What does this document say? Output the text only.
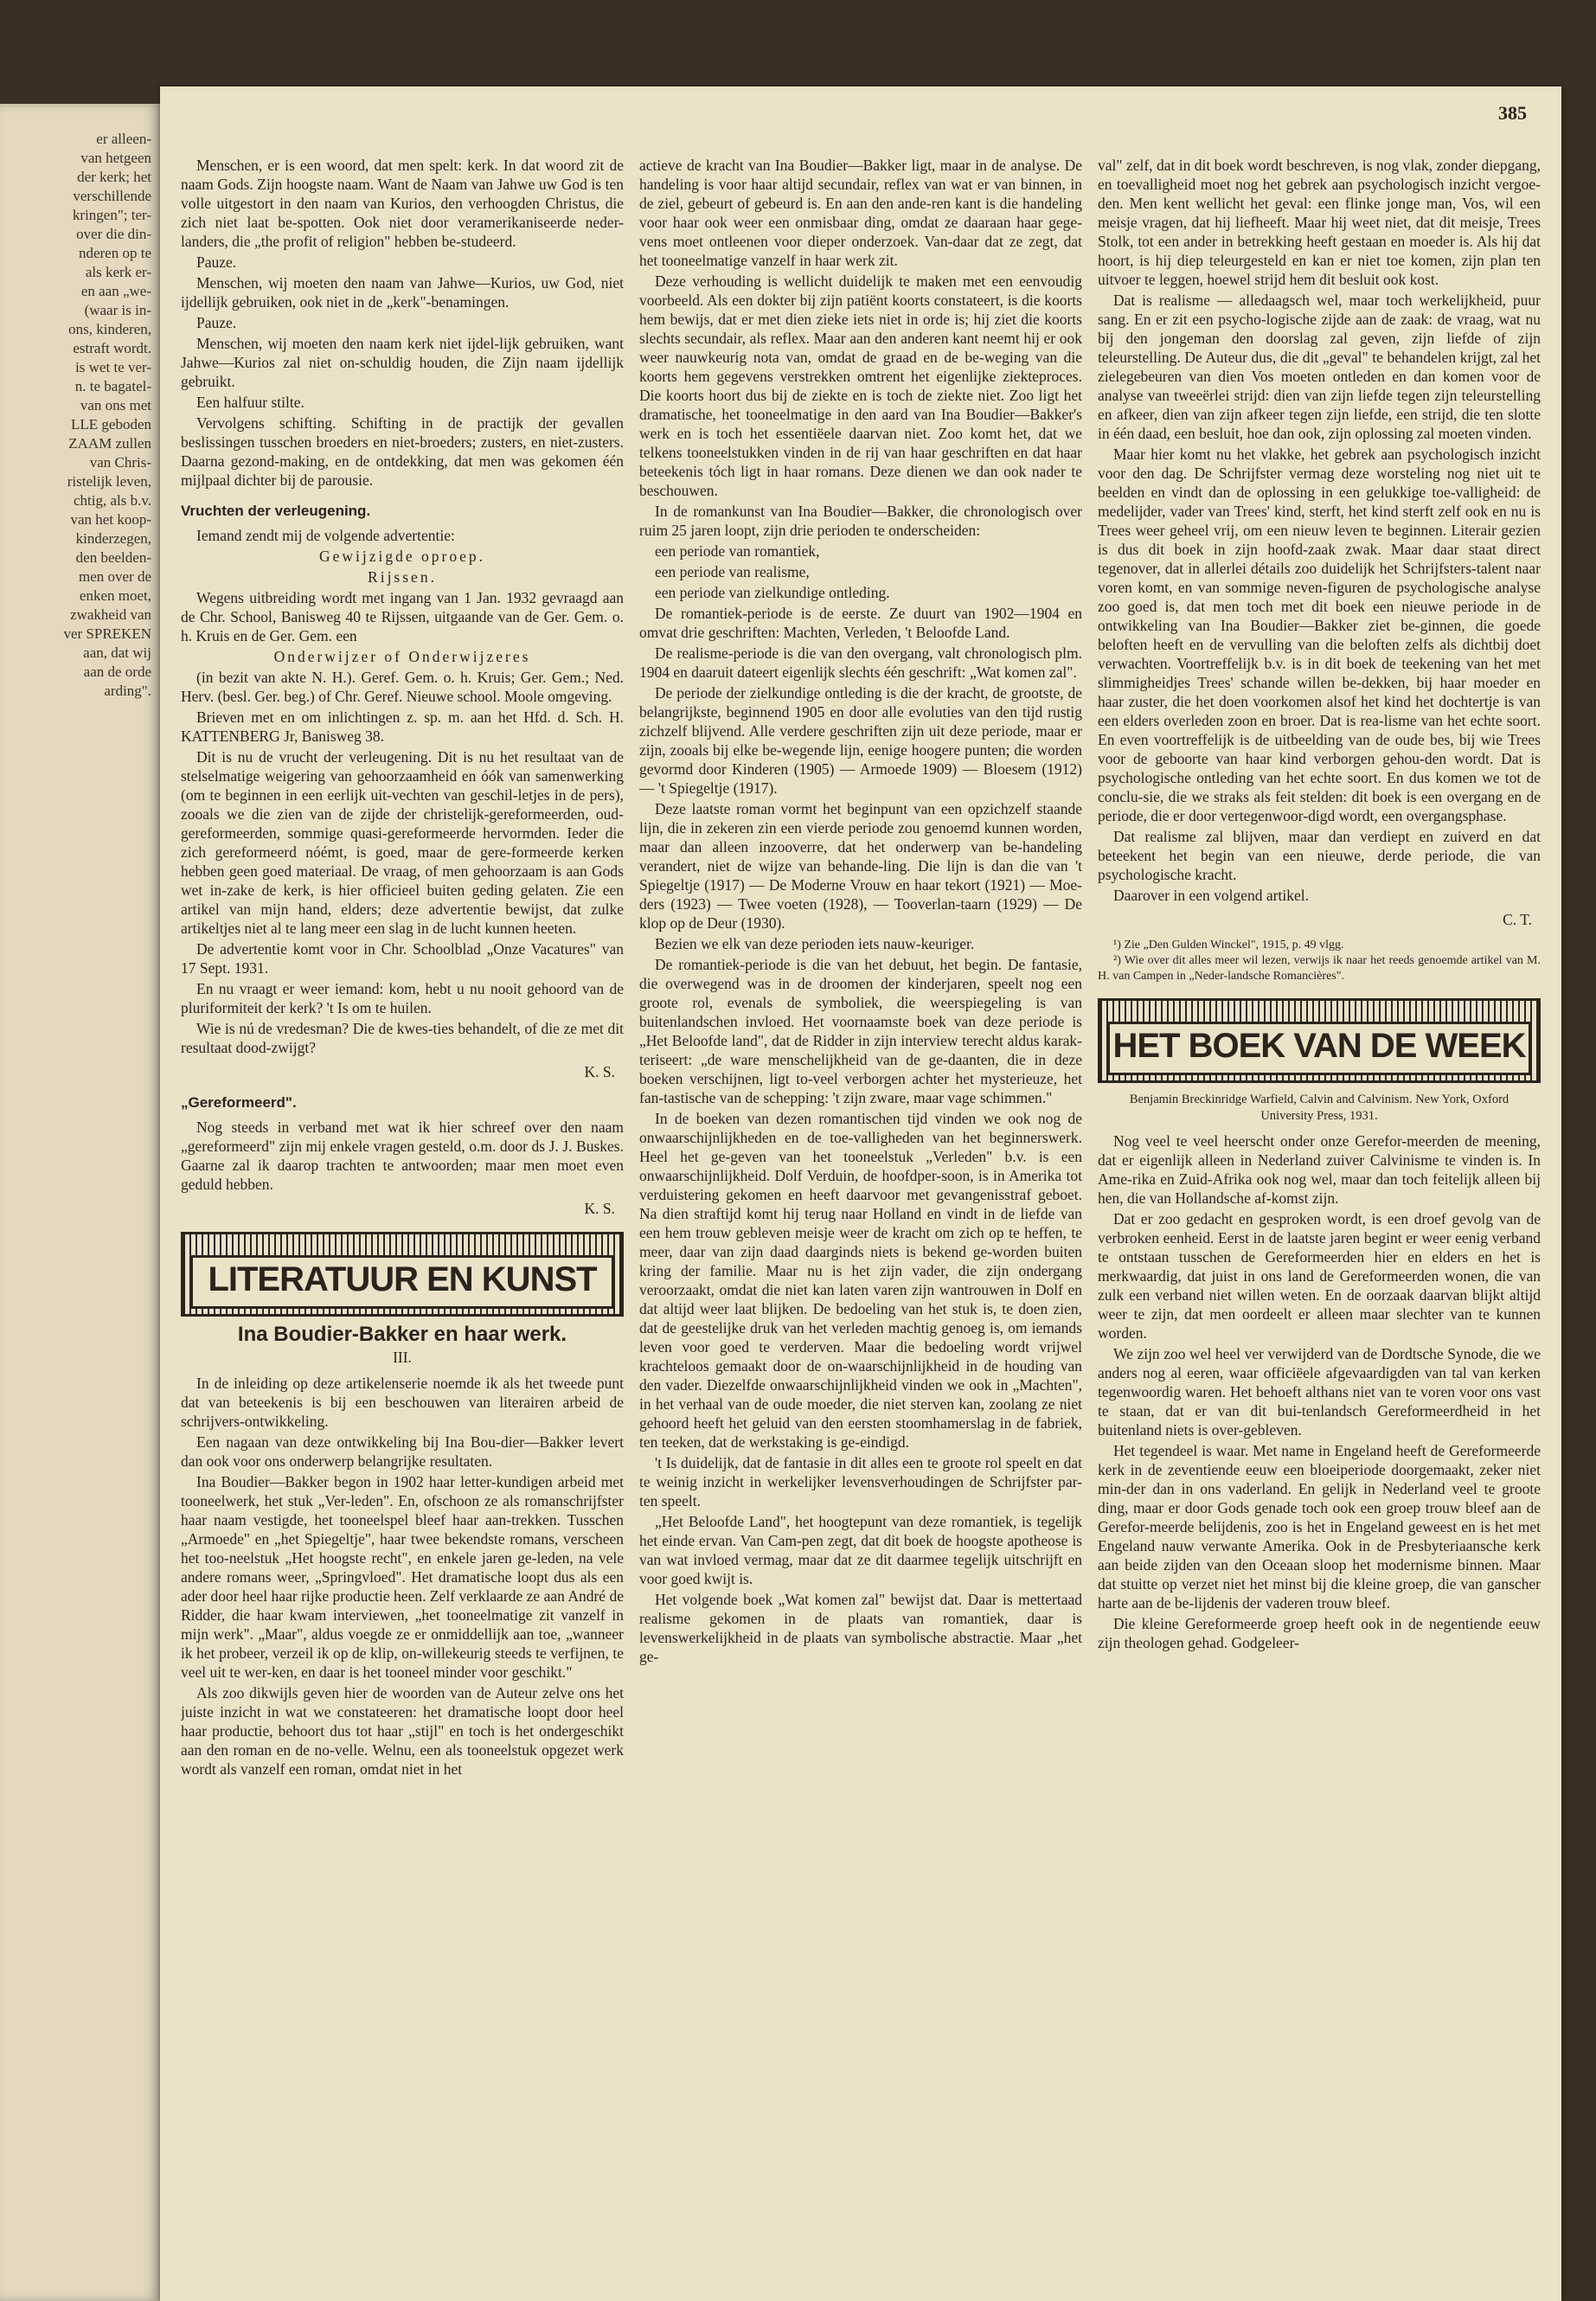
er alleen-
van hetgeen
der kerk; het
verschillende
kringen"; ter-
over die din-
nderen op te
als kerk er-
en aan „we-
(waar is in-
ons, kinderen,
estraft wordt.
is wet te ver-
n. te bagatel-
van ons met
LLE geboden
ZAAM zullen
van Chris-
ristelijk leven,
chtig, als b.v.
van het koop-
kinderzegen,
den beelden-
men over de
enken moet,
zwakheid van
ver SPREKEN
aan, dat wij
aan de orde
arding".
385

Menschen, er is een woord, dat men spelt: kerk. In dat woord zit de naam Gods. Zijn hoogste naam. Want de Naam van Jahwe uw God is ten volle uitgestort in den naam van Kurios, den verhoogden Christus, die zich niet laat be-spotten. Ook niet door veramerikaniseerde neder-landers, die „the profit of religion" hebben be-studeerd.

Pauze.

Menschen, wij moeten den naam van Jahwe—Kurios, uw God, niet ijdellijk gebruiken, ook niet in de „kerk"-benamingen.

Pauze.

Menschen, wij moeten den naam kerk niet ijdel-lijk gebruiken, want Jahwe—Kurios zal niet on-schuldig houden, die Zijn naam ijdellijk gebruikt.

Een halfuur stilte.

Vervolgens schifting. Schifting in de practijk der gevallen beslissingen tusschen broeders en niet-broeders; zusters, en niet-zusters. Daarna gezond-making, en de ontdekking, dat men was gekomen één mijlpaal dichter bij de parousie.

Vruchten der verleugening.

Iemand zendt mij de volgende advertentie:

Gewijzigde oproep.

Rijssen.

Wegens uitbreiding wordt met ingang van 1 Jan. 1932 gevraagd aan de Chr. School, Banisweg 40 te Rijssen, uitgaande van de Ger. Gem. o. h. Kruis en de Ger. Gem. een

Onderwijzer of Onderwijzeres

(in bezit van akte N. H.). Geref. Gem. o. h. Kruis; Ger. Gem.; Ned. Herv. (besl. Ger. beg.) of Chr. Geref. Nieuwe school. Moole omgeving.

Brieven met en om inlichtingen z. sp. m. aan het Hfd. d. Sch. H. KATTENBERG Jr, Banisweg 38.

Dit is nu de vrucht der verleugening. Dit is nu het resultaat van de stelselmatige weigering van gehoorzaamheid en óók van samenwerking (om te beginnen in een eerlijk uit-vechten van geschil-letjes in de pers), zooals we die zien van de zijde der christelijk-gereformeerden, oud-gereformeerden, sommige quasi-gereformeerde hervormden. Ieder die zich gereformeerd nóémt, is goed, maar de gere-formeerde kerken hebben geen goed materiaal. De vraag, of men gehoorzaam is aan Gods wet in-zake de kerk, is hier officieel buiten geding gelaten. Zie een artikel van mijn hand, elders; deze advertentie bewijst, dat zulke artikeltjes niet al te lang meer een slag in de lucht kunnen heeten.

De advertentie komt voor in Chr. Schoolblad „Onze Vacatures" van 17 Sept. 1931.

En nu vraagt er weer iemand: kom, hebt u nu nooit gehoord van de pluriformiteit der kerk? 't Is om te huilen.

Wie is nú de vredesman? Die de kwes-ties behandelt, of die ze met dit resultaat dood-zwijgt?

K. S.
„Gereformeerd".

Nog steeds in verband met wat ik hier schreef over den naam „gereformeerd" zijn mij enkele vragen gesteld, o.m. door ds J. J. Buskes. Gaarne zal ik daarop trachten te antwoorden; maar men moet even geduld hebben.

K. S.
LITERATUUR EN KUNST
Ina Boudier-Bakker en haar werk.
III.

In de inleiding op deze artikelenserie noemde ik als het tweede punt dat van beteekenis is bij een beschouwen van literairen arbeid de schrijvers-ontwikkeling.

Een nagaan van deze ontwikkeling bij Ina Bou-dier—Bakker levert dan ook voor ons onderwerp belangrijke resultaten.

Ina Boudier—Bakker begon in 1902 haar letter-kundigen arbeid met tooneelwerk, het stuk „Ver-leden". En, ofschoon ze als romanschrijfster haar naam vestigde, het tooneelspel bleef haar aan-trekken. Tusschen „Armoede" en „het Spiegeltje", haar twee bekendste romans, verscheen het too-neelstuk „Het hoogste recht", en enkele jaren ge-leden, na vele andere romans weer, „Springvloed". Het dramatische loopt dus als een ader door heel haar rijke productie heen. Zelf verklaarde ze aan André de Ridder, die haar kwam interviewen, „het tooneelmatige zit vanzelf in mijn werk". „Maar", aldus voegde ze er onmiddellijk aan toe, „wanneer ik het probeer, verzeil ik op de klip, on-willekeurig steeds te verfijnen, te veel uit te wer-ken, en daar is het tooneel minder voor geschikt."

Als zoo dikwijls geven hier de woorden van de Auteur zelve ons het juiste inzicht in wat we constateeren: het dramatische loopt door heel haar productie, behoort dus tot haar „stijl" en toch is het ondergeschikt aan den roman en de no-velle. Welnu, een als tooneelstuk opgezet werk wordt als vanzelf een roman, omdat niet in het

actieve de kracht van Ina Boudier—Bakker ligt, maar in de analyse. De handeling is voor haar altijd secundair, reflex van wat er van binnen, in de ziel, gebeurt of gebeurd is. En aan den ande-ren kant is die handeling voor haar ook weer een onmisbaar ding, omdat ze daaraan haar gege-vens moet ontleenen voor dieper onderzoek. Van-daar dat ze zegt, dat het tooneelmatige vanzelf in haar werk zit.

Deze verhouding is wellicht duidelijk te maken met een eenvoudig voorbeeld. Als een dokter bij zijn patiënt koorts constateert, is die koorts hem bewijs, dat er met dien zieke iets niet in orde is; hij ziet die koorts slechts secundair, als reflex. Maar aan den anderen kant neemt hij er ook weer nauwkeurig nota van, omdat de graad en de be-weging van die koorts hem gegevens verstrekken omtrent het eigenlijke ziekteproces. Die koorts hoort dus bij de ziekte en is toch de ziekte niet. Zoo ligt het dramatische, het tooneelmatige in den aard van Ina Boudier—Bakker's werk en is toch het essentiëele daarvan niet. Zoo komt het, dat we telkens tooneelstukken vinden in de rij van haar geschriften en dat haar beteekenis tóch ligt in haar romans. Deze dienen we dan ook nader te beschouwen.

In de romankunst van Ina Boudier—Bakker, die chronologisch over ruim 25 jaren loopt, zijn drie perioden te onderscheiden:

een periode van romantiek,

een periode van realisme,

een periode van zielkundige ontleding.

De romantiek-periode is de eerste. Ze duurt van 1902—1904 en omvat drie geschriften: Machten, Verleden, 't Beloofde Land.

De realisme-periode is die van den overgang, valt chronologisch plm. 1904 en daaruit dateert eigenlijk slechts één geschrift: „Wat komen zal".

De periode der zielkundige ontleding is die der kracht, de grootste, de belangrijkste, beginnend 1905 en door alle evoluties van den tijd rustig zichzelf blijvend. Alle verdere geschriften zijn uit deze periode, maar er zijn, zooals bij elke be-wegende lijn, eenige hoogere punten; die worden gevormd door Kinderen (1905) — Armoede 1909) — Bloesem (1912) — 't Spiegeltje (1917).

Deze laatste roman vormt het beginpunt van een opzichzelf staande lijn, die in zekeren zin een vierde periode zou genoemd kunnen worden, maar dan alleen inzooverre, dat het onderwerp van be-handeling verandert, niet de wijze van behande-ling. Die lijn is dan die van 't Spiegeltje (1917) — De Moderne Vrouw en haar tekort (1921) — Moe-ders (1923) — Twee voeten (1928), — Tooverlan-taarn (1929) — De klop op de Deur (1930).

Bezien we elk van deze perioden iets nauw-keuriger.

De romantiek-periode is die van het debuut, het begin. De fantasie, die overwegend was in de droomen der kinderjaren, speelt nog een groote rol, evenals de symboliek, die weerspiegeling is van buitenlandschen invloed. Het voornaamste boek van deze periode is „Het Beloofde land", dat de Ridder in zijn interview terecht aldus karak-teriseert: „de ware menschelijkheid van de ge-daanten, die in deze boeken verschijnen, ligt to-veel verborgen achter het mysterieuze, het fan-tastische van de schepping: 't zijn zware, maar vage schimmen."

In de boeken van dezen romantischen tijd vinden we ook nog de onwaarschijnlijkheden en de toe-valligheden van het beginnerswerk. Heel het ge-geven van het tooneelstuk „Verleden" b.v. is een onwaarschijnlijkheid. Dolf Verduin, de hoofdper-soon, is in Amerika tot verduistering gekomen en heeft daarvoor met gevangenisstraf geboet. Na dien straftijd komt hij terug naar Holland en vindt in de liefde van een hem trouw gebleven meisje weer de kracht om zich op te heffen, te meer, daar van zijn daad daarginds niets is bekend ge-worden buiten kring der familie. Maar nu is het zijn vader, die zijn ondergang veroorzaakt, omdat die niet kan laten varen zijn wantrouwen in Dolf en dat altijd weer laat blijken. De bedoeling van het stuk is, te doen zien, dat de geestelijke druk van het verleden machtig genoeg is, om iemands leven voor goed te verderven. Maar die bedoeling wordt vrijwel krachteloos gemaakt door de on-waarschijnlijkheid in de houding van den vader. Diezelfde onwaarschijnlijkheid vinden we ook in „Machten", in het verhaal van de oude moeder, die niet sterven kan, zoolang ze niet gehoord heeft het geluid van den eersten stoomhamerslag in de fabriek, ten teeken, dat de werkstaking is ge-eindigd.

't Is duidelijk, dat de fantasie in dit alles een te groote rol speelt en dat te weinig inzicht in werkelijker levensverhoudingen de Schrijfster par-ten speelt.

„Het Beloofde Land", het hoogtepunt van deze romantiek, is tegelijk het einde ervan. Van Cam-pen zegt, dat dit boek de hoogste apotheose is van wat invloed vermag, maar dat ze dit daarmee tegelijk uitschrijft en voor goed kwijt is.

Het volgende boek „Wat komen zal" bewijst dat. Daar is mettertaad realisme gekomen in de plaats van romantiek, daar is levenswerkelijkheid in de plaats van symbolische abstractie. Maar „het ge-

val" zelf, dat in dit boek wordt beschreven, is nog vlak, zonder diepgang, en toevalligheid moet nog het gebrek aan psychologisch inzicht vergoe-den. Men kent wellicht het geval: een flinke jonge man, Vos, wil een meisje vragen, dat hij liefheeft. Maar hij weet niet, dat dit meisje, Trees Stolk, tot een ander in betrekking heeft gestaan en moeder is. Als hij dat hoort, is hij diep teleurgesteld en kan er niet toe komen, zijn plan ten uitvoer te leggen, hoewel strijd hem dit besluit ook kost.

Dat is realisme — alledaagsch wel, maar toch werkelijkheid, puur sang. En er zit een psycho-logische zijde aan de zaak: de vraag, wat nu bij den jongeman den doorslag zal geven, zijn liefde of zijn teleurstelling. De Auteur dus, die dit „geval" te behandelen krijgt, zal het zielegebeuren van dien Vos moeten ontleden en dan komen voor de analyse van tweeërlei strijd: dien van zijn liefde tegen zijn teleurstelling en afkeer, dien van zijn afkeer tegen zijn liefde, een strijd, die ten slotte in één daad, een besluit, hoe dan ook, zijn oplossing zal moeten vinden.

Maar hier komt nu het vlakke, het gebrek aan psychologisch inzicht voor den dag. De Schrijfster vermag deze worsteling nog niet uit te beelden en vindt dan de oplossing in een gelukkige toe-valligheid: de medelijder, vader van Trees' kind, sterft, het kind sterft zelf ook en nu is Trees weer geheel vrij, om een nieuw leven te beginnen. Literair gezien is dus dit boek in zijn hoofd-zaak zwak. Maar daar staat direct tegenover, dat in allerlei détails zoo duidelijk het Schrijfsters-talent naar voren komt, en van sommige neven-figuren de psychologische analyse zoo goed is, dat men toch met dit boek een nieuwe periode in de ontwikkeling van Ina Boudier—Bakker ziet be-ginnen, die goede beloften heeft en de vervulling van die beloften zelfs als dichtbij doet verwachten. Voortreffelijk b.v. is in dit boek de teekening van het met slimmigheidjes Trees' schande willen be-dekken, bij haar moeder en haar zuster, die het doen voorkomen alsof het kind het dochtertje is van een elders overleden zoon en broer. Dat is rea-lisme van het echte soort. En even voortreffelijk is de uitbeelding van de oude bes, bij wie Trees voor de geboorte van haar kind verborgen gehou-den wordt. Dat is psychologische ontleding van het echte soort. En dus komen we tot de conclu-sie, die we straks als feit stelden: dit boek is een overgang en de periode, die er door vertegenwoor-digd wordt, een overgangsphase.

Dat realisme zal blijven, maar dan verdiept en zuiverd en dat beteekent het begin van een nieuwe, derde periode, die van psychologische kracht.

Daarover in een volgend artikel.

C. T.
¹) Zie „Den Gulden Winckel", 1915, p. 49 vlgg.
²) Wie over dit alles meer wil lezen, verwijs ik naar het reeds genoemde artikel van M. H. van Campen in „Neder-landsche Romancières".
HET BOEK VAN DE WEEK
Benjamin Breckinridge Warfield, Calvin and Calvinism. New York, Oxford University Press, 1931.

Nog veel te veel heerscht onder onze Gerefor-meerden de meening, dat er eigenlijk alleen in Nederland zuiver Calvinisme te vinden is. In Ame-rika en Zuid-Afrika ook nog wel, maar dan toch feitelijk alleen bij hen, die van Hollandsche af-komst zijn.

Dat er zoo gedacht en gesproken wordt, is een droef gevolg van de verbroken eenheid. Eerst in de laatste jaren begint er weer eenig verband te ontstaan tusschen de Gereformeerden hier en elders en het is merkwaardig, dat juist in ons land de Gereformeerden wonen, die van zulk een verband niet willen weten. En de oorzaak daarvan blijkt altijd weer te zijn, dat men oordeelt er alleen maar slechter van te kunnen worden.

We zijn zoo wel heel ver verwijderd van de Dordtsche Synode, die we anders nog al eeren, waar officiëele afgevaardigden van tal van kerken tegenwoordig waren. Het behoeft althans niet van te voren voor ons vast te staan, dat er van dit bui-tenlandsch Gereformeerdheid in het buitenland niets is over-gebleven.

Het tegendeel is waar. Met name in Engeland heeft de Gereformeerde kerk in de zeventiende eeuw een bloeiperiode doorgemaakt, zeker niet min-der dan in ons vaderland. En gelijk in Nederland veel te groote ding, maar er door Gods genade toch ook een groep trouw bleef aan de Gerefor-meerde belijdenis, zoo is het in Engeland geweest en is het met Engeland nauw verwante Amerika. Ook in de Presbyteriaansche kerk aan beide zijden van den Oceaan sloop het modernisme binnen. Maar dat stuitte op verzet niet het minst bij die kleine groep, die van ganscher harte aan de be-lijdenis der vaderen trouw bleef.

Die kleine Gereformeerde groep heeft ook in de negentiende eeuw zijn theologen gehad. Godgeleer-
